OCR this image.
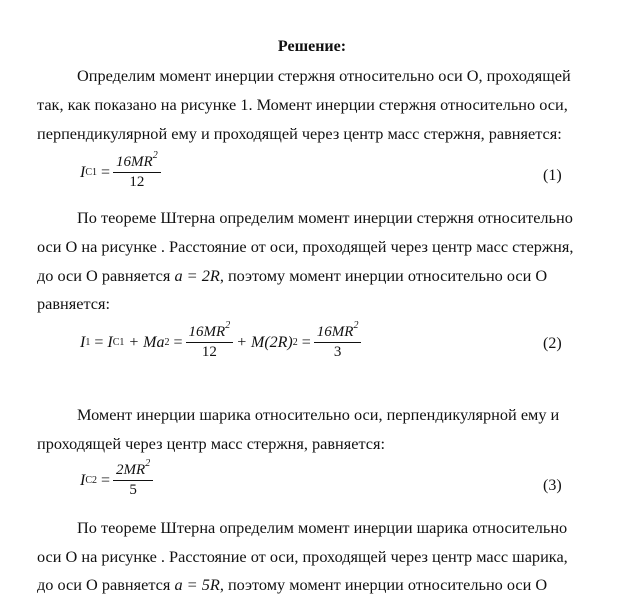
Решение:
Определим момент инерции стержня относительно оси О, проходящей
так, как показано на рисунке 1. Момент инерции стержня относительно оси,
перпендикулярной ему и проходящей через центр масс стержня, равняется:
I $C1 = \frac{16MR^2}{12}$	(1)
По теореме Штерна определим момент инерции стержня относительно
оси О на рисунке . Расстояние от оси, проходящей через центр масс стержня,
до оси О равняется a = 2R, поэтому момент инерции относительно оси О
равняется:
I 1 = I C1 + Ma $2 = \frac{16MR^2}{12} + M(2R) 2 = \frac{16MR^2}{3}$	(2)
Момент инерции шарика относительно оси, перпендикулярной ему и
проходящей через центр масс стержня, равняется:
I $C2 = \frac{2MR^2}{5}$	(3)
По теореме Штерна определим момент инерции шарика относительно
оси О на рисунке . Расстояние от оси, проходящей через центр масс шарика,
до оси О равняется a = 5R, поэтому момент инерции относительно оси О
